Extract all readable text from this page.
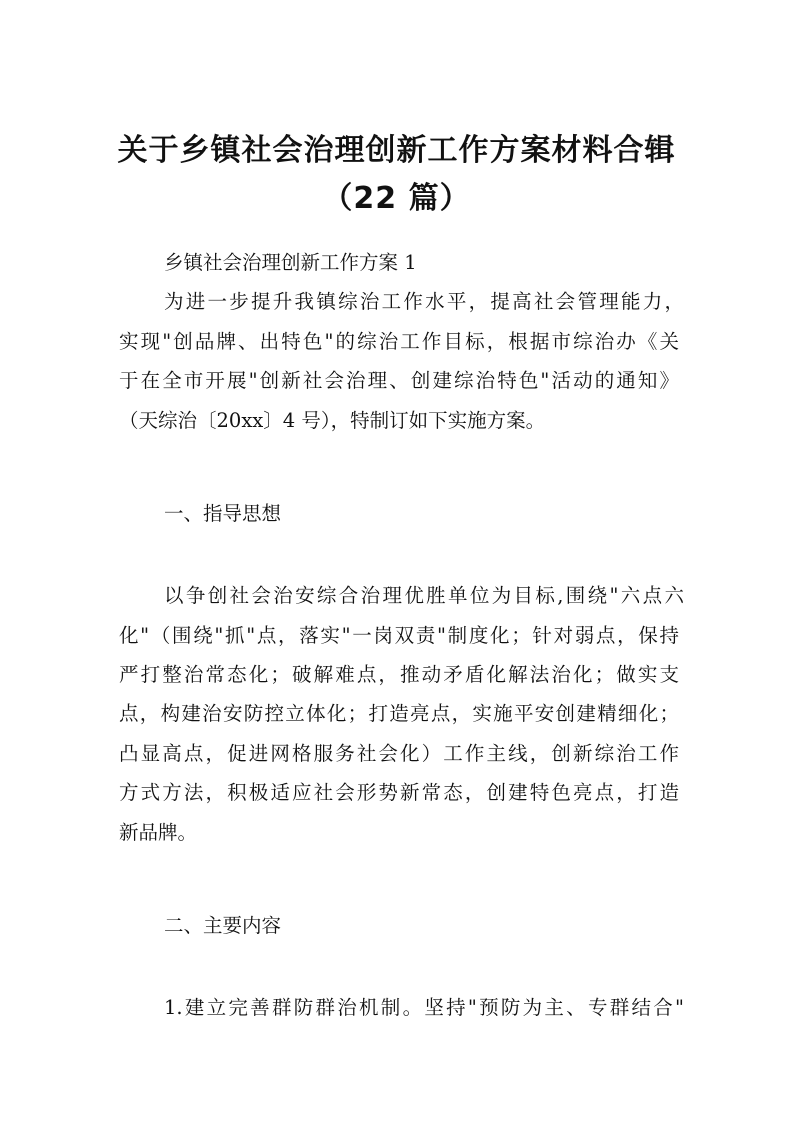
关于乡镇社会治理创新工作方案材料合辑
（22 篇）
乡镇社会治理创新工作方案 1
为进一步提升我镇综治工作水平，提高社会管理能力，
实现"创品牌、出特色"的综治工作目标，根据市综治办《关
于在全市开展"创新社会治理、创建综治特色"活动的通知》
（天综治〔20xx〕4 号），特制订如下实施方案。
一、指导思想
以争创社会治安综合治理优胜单位为目标,围绕"六点六
化"（围绕"抓"点，落实"一岗双责"制度化；针对弱点，保持
严打整治常态化；破解难点，推动矛盾化解法治化；做实支
点，构建治安防控立体化；打造亮点，实施平安创建精细化；
凸显高点，促进网格服务社会化）工作主线，创新综治工作
方式方法，积极适应社会形势新常态，创建特色亮点，打造
新品牌。
二、主要内容
1.建立完善群防群治机制。坚持"预防为主、专群结合"
